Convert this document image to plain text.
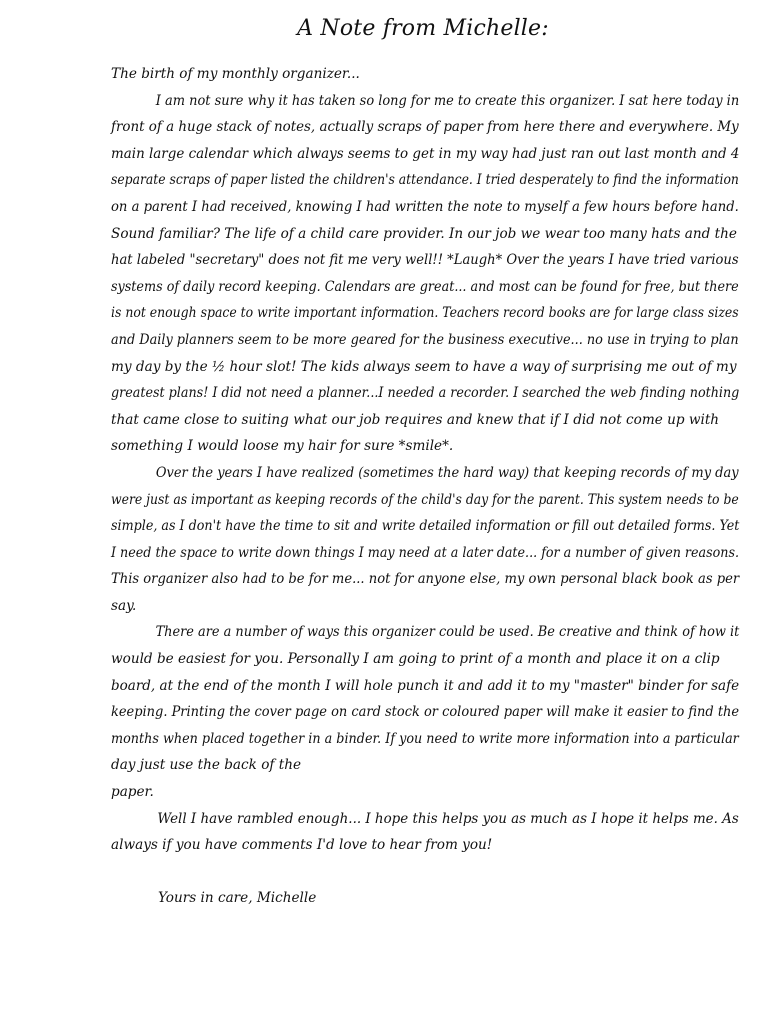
A Note from Michelle:
The birth of my monthly organizer...
I am not sure why it has taken so long for me to create this organizer. I sat here today in
front of a huge stack of notes, actually scraps of paper from here there and everywhere. My
main large calendar which always seems to get in my way had just ran out last month and 4
separate scraps of paper listed the children's attendance. I tried desperately to find the information
on a parent I had received, knowing I had written the note to myself a few hours before hand.
Sound familiar? The life of a child care provider. In our job we wear too many hats and the
hat labeled "secretary" does not fit me very well!! *Laugh* Over the years I have tried various
systems of daily record keeping. Calendars are great... and most can be found for free, but there
is not enough space to write important information. Teachers record books are for large class sizes
and Daily planners seem to be more geared for the business executive... no use in trying to plan
my day by the ½ hour slot! The kids always seem to have a way of surprising me out of my
greatest plans! I did not need a planner...I needed a recorder. I searched the web finding nothing
that came close to suiting what our job requires and knew that if I did not come up with
something I would loose my hair for sure *smile*.
Over the years I have realized (sometimes the hard way) that keeping records of my day
were just as important as keeping records of the child's day for the parent. This system needs to be
simple, as I don't have the time to sit and write detailed information or fill out detailed forms. Yet
I need the space to write down things I may need at a later date... for a number of given reasons.
This organizer also had to be for me... not for anyone else, my own personal black book as per
say.
There are a number of ways this organizer could be used. Be creative and think of how it
would be easiest for you. Personally I am going to print of a month and place it on a clip
board, at the end of the month I will hole punch it and add it to my "master" binder for safe
keeping. Printing the cover page on card stock or coloured paper will make it easier to find the
months when placed together in a binder. If you need to write more information into a particular
day just use the back of the
paper.
Well I have rambled enough... I hope this helps you as much as I hope it helps me. As
always if you have comments I'd love to hear from you!
Yours in care, Michelle
